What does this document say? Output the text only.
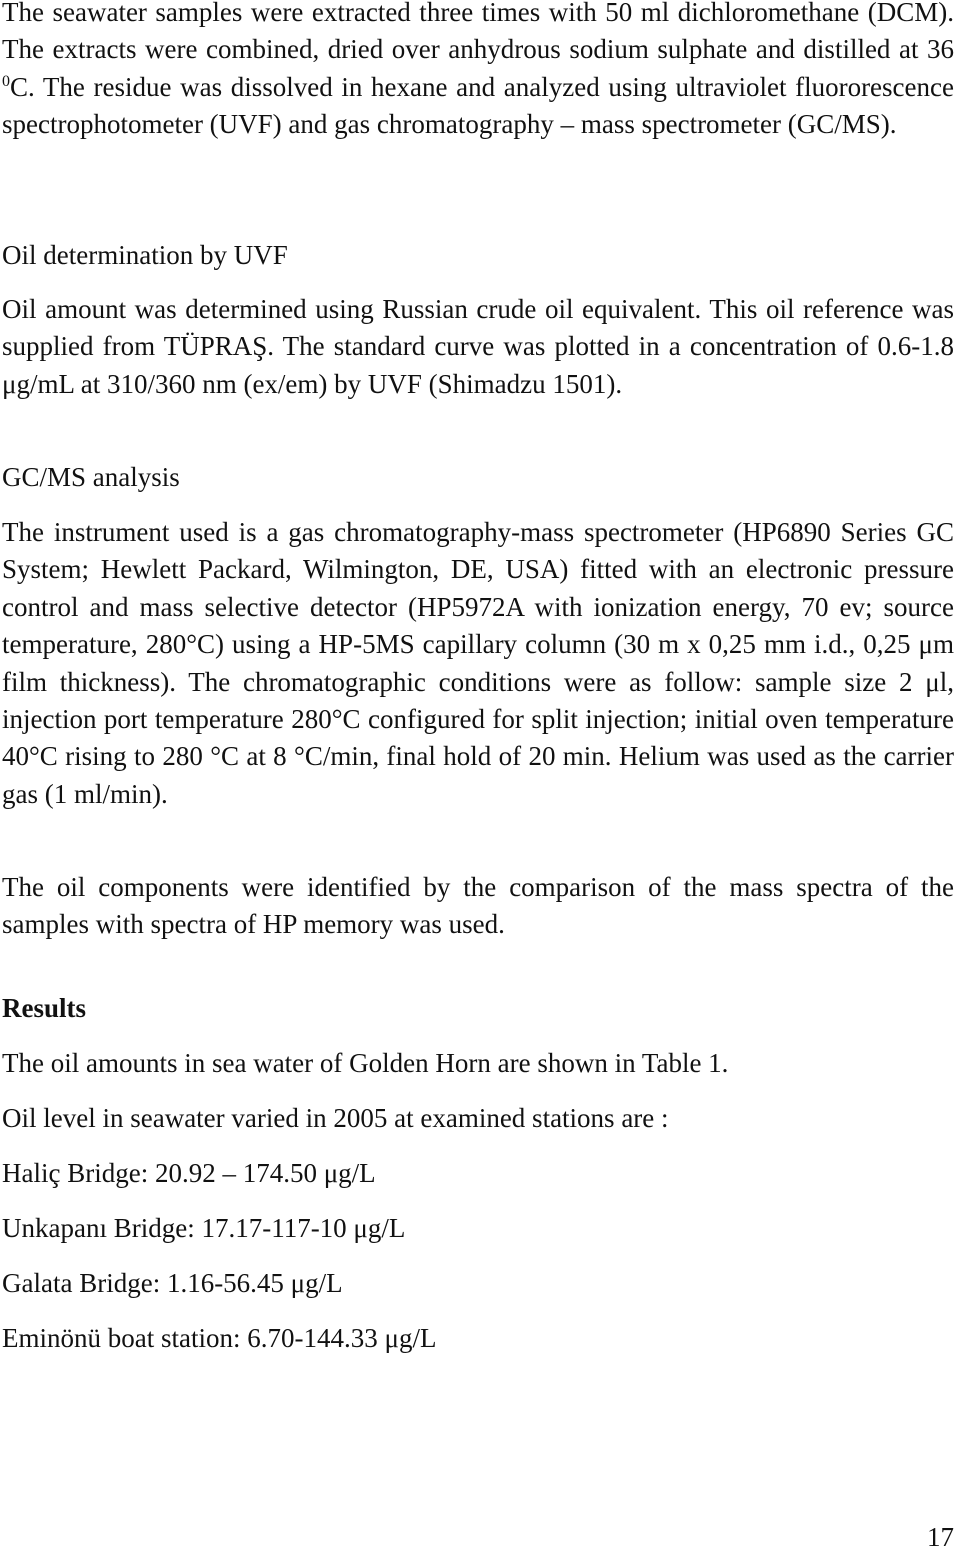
The seawater samples were extracted three times with 50 ml dichloromethane (DCM). The extracts were combined, dried over anhydrous sodium sulphate and distilled at 36 $^0$C. The residue was dissolved in hexane and analyzed using ultraviolet fluororescence spectrophotometer (UVF) and gas chromatography – mass spectrometer (GC/MS).

Oil determination by UVF

Oil amount was determined using Russian crude oil equivalent. This oil reference was supplied from TÜPRAŞ. The standard curve was plotted in a concentration of 0.6-1.8 μg/mL at 310/360 nm (ex/em) by UVF (Shimadzu 1501).

GC/MS analysis

The instrument used is a gas chromatography-mass spectrometer (HP6890 Series GC System; Hewlett Packard, Wilmington, DE, USA) fitted with an electronic pressure control and mass selective detector (HP5972A with ionization energy, 70 ev; source temperature, 280°C) using a HP-5MS capillary column (30 m x 0,25 mm i.d., 0,25 μm film thickness). The chromatographic conditions were as follow: sample size 2 μl, injection port temperature 280°C configured for split injection; initial oven temperature 40°C rising to 280 °C at 8 °C/min, final hold of 20 min. Helium was used as the carrier gas (1 ml/min).

The oil components were identified by the comparison of the mass spectra of the samples with spectra of HP memory was used.

Results

The oil amounts in sea water of Golden Horn are shown in Table 1.

Oil level in seawater varied in 2005 at examined stations are :

Haliç Bridge: 20.92 – 174.50 μg/L

Unkapanı Bridge: 17.17-117-10 μg/L

Galata Bridge: 1.16-56.45 μg/L

Eminönü boat station: 6.70-144.33 μg/L

17
